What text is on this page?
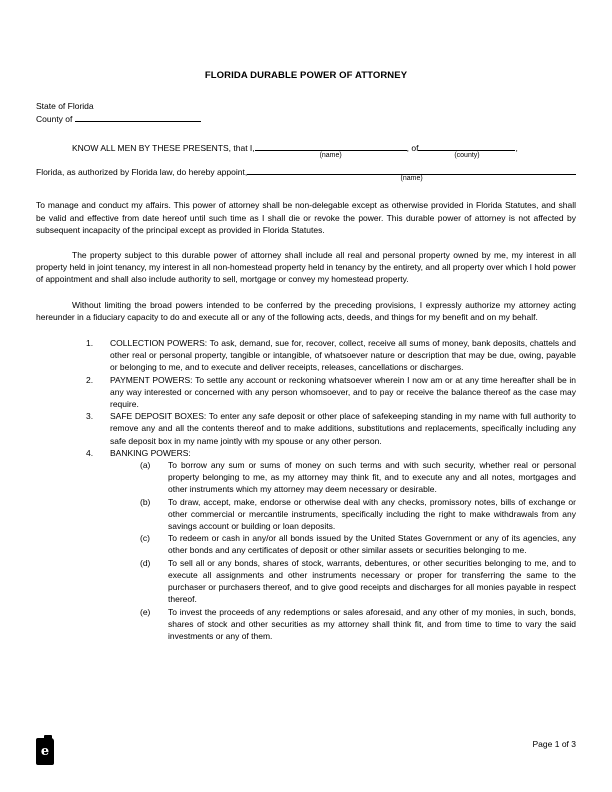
FLORIDA DURABLE POWER OF ATTORNEY
State of Florida
County of
KNOW ALL MEN BY THESE PRESENTS, that I,
(name)
, of
(county)
,
Florida, as authorized by Florida law, do hereby appoint,
(name)
To manage and conduct my affairs. This power of attorney shall be non-delegable except as otherwise provided in Florida Statutes, and shall be valid and effective from date hereof until such time as I shall die or revoke the power. This durable power of attorney is not affected by subsequent incapacity of the principal except as provided in Florida Statutes.
The property subject to this durable power of attorney shall include all real and personal property owned by me, my interest in all property held in joint tenancy, my interest in all non-homestead property held in tenancy by the entirety, and all property over which I hold power of appointment and shall also include authority to sell, mortgage or convey my homestead property.
Without limiting the broad powers intended to be conferred by the preceding provisions, I expressly authorize my attorney acting hereunder in a fiduciary capacity to do and execute all or any of the following acts, deeds, and things for my benefit and on my behalf.
1.	COLLECTION POWERS: To ask, demand, sue for, recover, collect, receive all sums of money, bank deposits, chattels and other real or personal property, tangible or intangible, of whatsoever nature or description that may be due, owing, payable or belonging to me, and to execute and deliver receipts, releases, cancellations or discharges.
2.	PAYMENT POWERS: To settle any account or reckoning whatsoever wherein I now am or at any time hereafter shall be in any way interested or concerned with any person whomsoever, and to pay or receive the balance thereof as the case may require.
3.	SAFE DEPOSIT BOXES: To enter any safe deposit or other place of safekeeping standing in my name with full authority to remove any and all the contents thereof and to make additions, substitutions and replacements, specifically including any safe deposit box in my name jointly with my spouse or any other person.
4.	BANKING POWERS:
(a)	To borrow any sum or sums of money on such terms and with such security, whether real or personal property belonging to me, as my attorney may think fit, and to execute any and all notes, mortgages and other instruments which my attorney may deem necessary or desirable.
(b)	To draw, accept, make, endorse or otherwise deal with any checks, promissory notes, bills of exchange or other commercial or mercantile instruments, specifically including the right to make withdrawals from any savings account or building or loan deposits.
(c)	To redeem or cash in any/or all bonds issued by the United States Government or any of its agencies, any other bonds and any certificates of deposit or other similar assets or securities belonging to me.
(d)	To sell all or any bonds, shares of stock, warrants, debentures, or other securities belonging to me, and to execute all assignments and other instruments necessary or proper for transferring the same to the purchaser or purchasers thereof, and to give good receipts and discharges for all monies payable in respect thereof.
(e)	To invest the proceeds of any redemptions or sales aforesaid, and any other of my monies, in such, bonds, shares of stock and other securities as my attorney shall think fit, and from time to time to vary the said investments or any of them.
e	Page 1 of 3
